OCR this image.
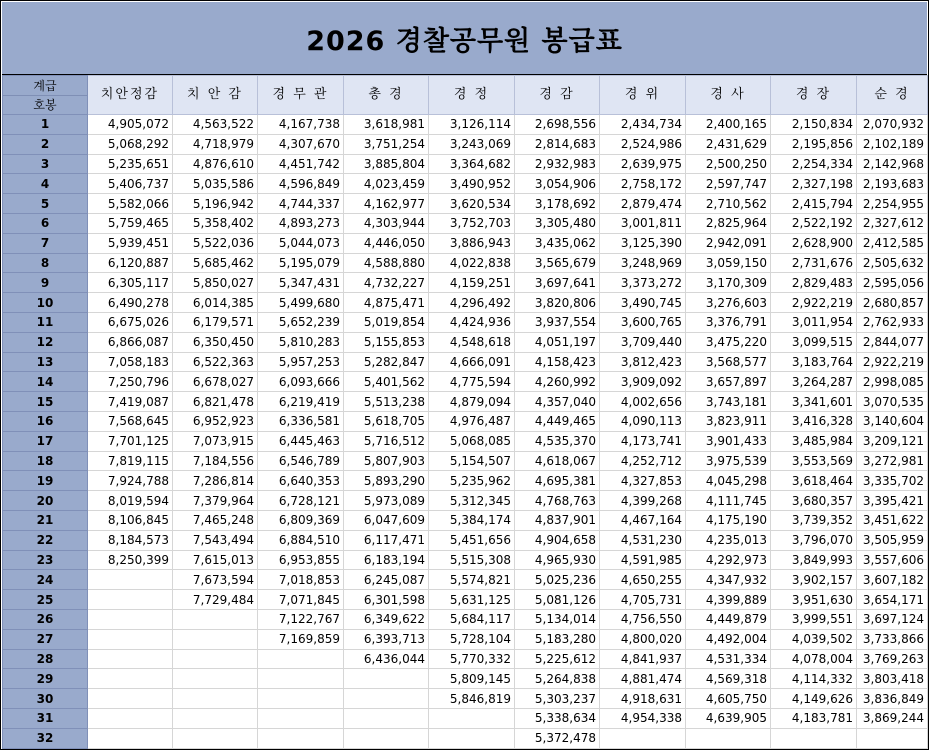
2026 경찰공무원 봉급표
계급
호봉	치안정감	치 안 감	경 무 관	총 경	경 정	경 감	경 위	경 사	경 장	순 경
1	4,905,072	4,563,522	4,167,738	3,618,981	3,126,114	2,698,556	2,434,734	2,400,165	2,150,834	2,070,932
2	5,068,292	4,718,979	4,307,670	3,751,254	3,243,069	2,814,683	2,524,986	2,431,629	2,195,856	2,102,189
3	5,235,651	4,876,610	4,451,742	3,885,804	3,364,682	2,932,983	2,639,975	2,500,250	2,254,334	2,142,968
4	5,406,737	5,035,586	4,596,849	4,023,459	3,490,952	3,054,906	2,758,172	2,597,747	2,327,198	2,193,683
5	5,582,066	5,196,942	4,744,337	4,162,977	3,620,534	3,178,692	2,879,474	2,710,562	2,415,794	2,254,955
6	5,759,465	5,358,402	4,893,273	4,303,944	3,752,703	3,305,480	3,001,811	2,825,964	2,522,192	2,327,612
7	5,939,451	5,522,036	5,044,073	4,446,050	3,886,943	3,435,062	3,125,390	2,942,091	2,628,900	2,412,585
8	6,120,887	5,685,462	5,195,079	4,588,880	4,022,838	3,565,679	3,248,969	3,059,150	2,731,676	2,505,632
9	6,305,117	5,850,027	5,347,431	4,732,227	4,159,251	3,697,641	3,373,272	3,170,309	2,829,483	2,595,056
10	6,490,278	6,014,385	5,499,680	4,875,471	4,296,492	3,820,806	3,490,745	3,276,603	2,922,219	2,680,857
11	6,675,026	6,179,571	5,652,239	5,019,854	4,424,936	3,937,554	3,600,765	3,376,791	3,011,954	2,762,933
12	6,866,087	6,350,450	5,810,283	5,155,853	4,548,618	4,051,197	3,709,440	3,475,220	3,099,515	2,844,077
13	7,058,183	6,522,363	5,957,253	5,282,847	4,666,091	4,158,423	3,812,423	3,568,577	3,183,764	2,922,219
14	7,250,796	6,678,027	6,093,666	5,401,562	4,775,594	4,260,992	3,909,092	3,657,897	3,264,287	2,998,085
15	7,419,087	6,821,478	6,219,419	5,513,238	4,879,094	4,357,040	4,002,656	3,743,181	3,341,601	3,070,535
16	7,568,645	6,952,923	6,336,581	5,618,705	4,976,487	4,449,465	4,090,113	3,823,911	3,416,328	3,140,604
17	7,701,125	7,073,915	6,445,463	5,716,512	5,068,085	4,535,370	4,173,741	3,901,433	3,485,984	3,209,121
18	7,819,115	7,184,556	6,546,789	5,807,903	5,154,507	4,618,067	4,252,712	3,975,539	3,553,569	3,272,981
19	7,924,788	7,286,814	6,640,353	5,893,290	5,235,962	4,695,381	4,327,853	4,045,298	3,618,464	3,335,702
20	8,019,594	7,379,964	6,728,121	5,973,089	5,312,345	4,768,763	4,399,268	4,111,745	3,680,357	3,395,421
21	8,106,845	7,465,248	6,809,369	6,047,609	5,384,174	4,837,901	4,467,164	4,175,190	3,739,352	3,451,622
22	8,184,573	7,543,494	6,884,510	6,117,471	5,451,656	4,904,658	4,531,230	4,235,013	3,796,070	3,505,959
23	8,250,399	7,615,013	6,953,855	6,183,194	5,515,308	4,965,930	4,591,985	4,292,973	3,849,993	3,557,606
24		7,673,594	7,018,853	6,245,087	5,574,821	5,025,236	4,650,255	4,347,932	3,902,157	3,607,182
25		7,729,484	7,071,845	6,301,598	5,631,125	5,081,126	4,705,731	4,399,889	3,951,630	3,654,171
26			7,122,767	6,349,622	5,684,117	5,134,014	4,756,550	4,449,879	3,999,551	3,697,124
27			7,169,859	6,393,713	5,728,104	5,183,280	4,800,020	4,492,004	4,039,502	3,733,866
28				6,436,044	5,770,332	5,225,612	4,841,937	4,531,334	4,078,004	3,769,263
29					5,809,145	5,264,838	4,881,474	4,569,318	4,114,332	3,803,418
30					5,846,819	5,303,237	4,918,631	4,605,750	4,149,626	3,836,849
31						5,338,634	4,954,338	4,639,905	4,183,781	3,869,244
32						5,372,478				
